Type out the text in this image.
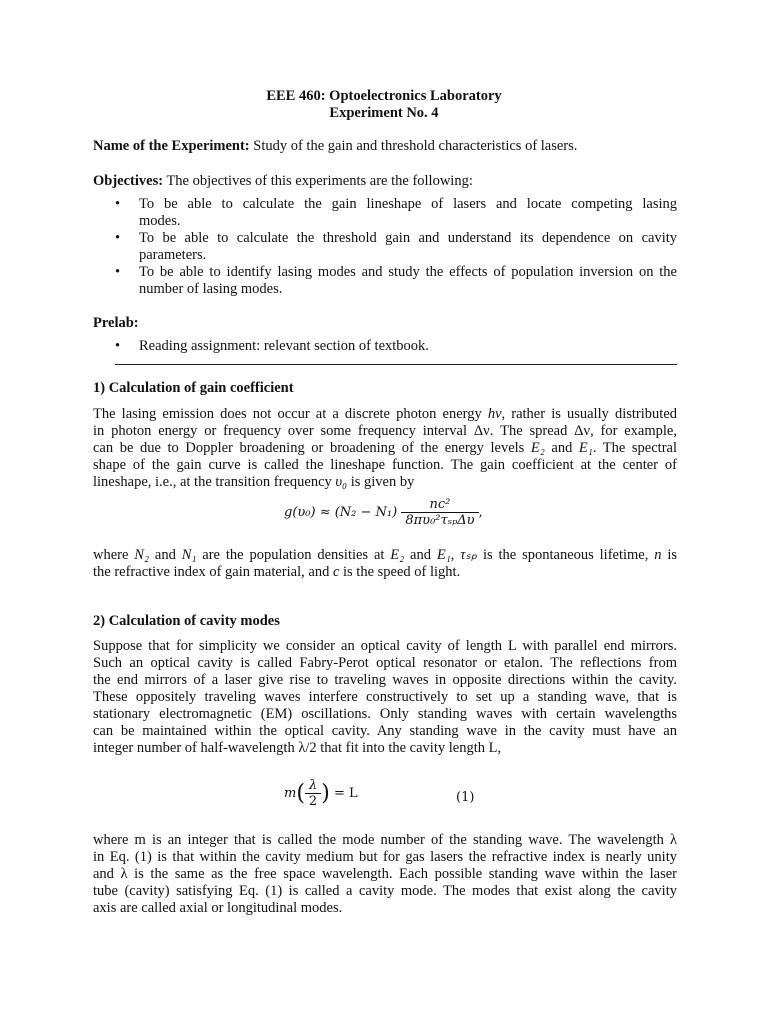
EEE 460: Optoelectronics Laboratory
Experiment No. 4
Name of the Experiment: Study of the gain and threshold characteristics of lasers.
Objectives: The objectives of this experiments are the following:
• To be able to calculate the gain lineshape of lasers and locate competing lasing
modes.
• To be able to calculate the threshold gain and understand its dependence on cavity
parameters.
• To be able to identify lasing modes and study the effects of population inversion on the
number of lasing modes.
Prelab:
• Reading assignment: relevant section of textbook.
1) Calculation of gain coefficient
The lasing emission does not occur at a discrete photon energy hν, rather is usually distributed
in photon energy or frequency over some frequency interval Δν. The spread Δν, for example,
can be due to Doppler broadening or broadening of the energy levels E₂ and E₁. The spectral
shape of the gain curve is called the lineshape function. The gain coefficient at the center of
lineshape, i.e., at the transition frequency υ₀ is given by
$g(\upsilon_0) \approx (N_2 - N_1) \frac{\text{nc²}}{\text{8πυ₀²τₛₚΔυ}}$ ,
where N₂ and N₁ are the population densities at E₂ and E₁, τₛₚ is the spontaneous lifetime, n is
the refractive index of gain material, and c is the speed of light.
2) Calculation of cavity modes
Suppose that for simplicity we consider an optical cavity of length L with parallel end mirrors.
Such an optical cavity is called Fabry-Perot optical resonator or etalon. The reflections from
the end mirrors of a laser give rise to traveling waves in opposite directions within the cavity.
These oppositely traveling waves interfere constructively to set up a standing wave, that is
stationary electromagnetic (EM) oscillations. Only standing waves with certain wavelengths
can be maintained within the optical cavity. Any standing wave in the cavity must have an
integer number of half-wavelength λ/2 that fit into the cavity length L,
$m( \frac{\lambda}{2}$ ) = L	(1)
where m is an integer that is called the mode number of the standing wave. The wavelength λ
in Eq. (1) is that within the cavity medium but for gas lasers the refractive index is nearly unity
and λ is the same as the free space wavelength. Each possible standing wave within the laser
tube (cavity) satisfying Eq. (1) is called a cavity mode. The modes that exist along the cavity
axis are called axial or longitudinal modes.
